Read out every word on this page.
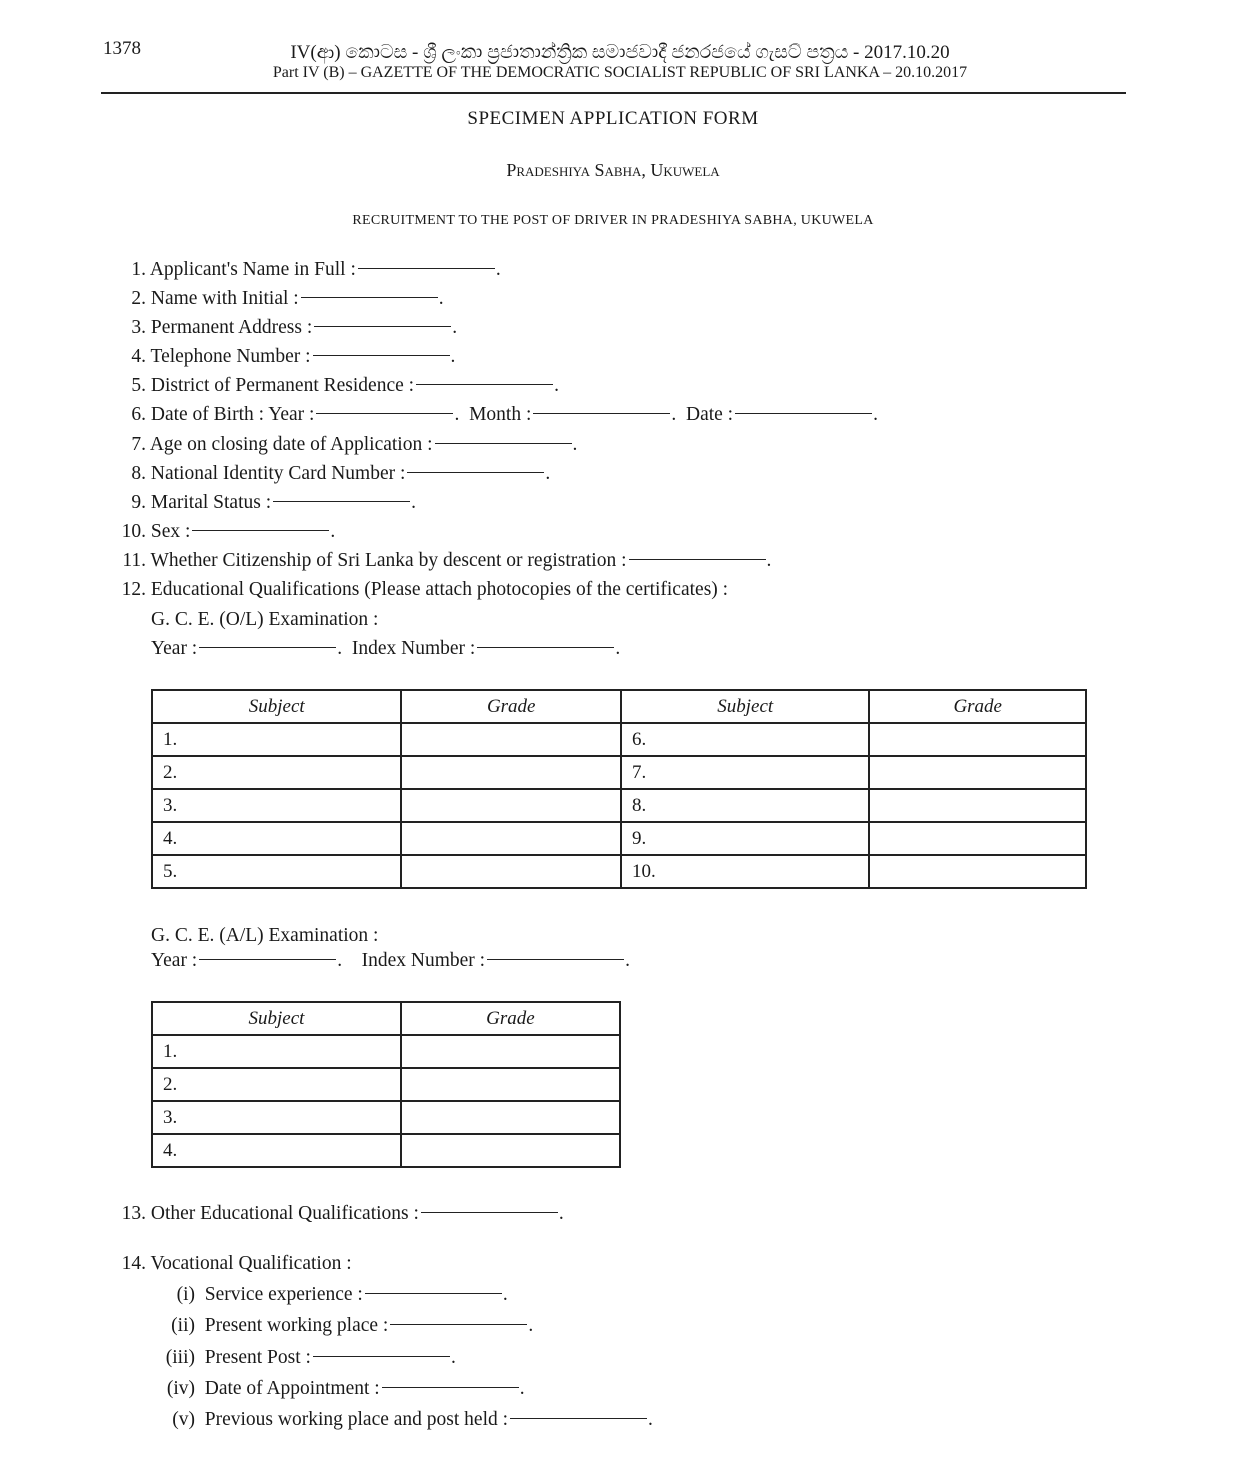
1378	IV(ආ) කොටස - ශ්‍රී ලංකා ප්‍රජාතාන්ත්‍රික සමාජවාදී ජනරජයේ ගැසට් පත්‍රය - 2017.10.20
Part IV (B) – GAZETTE OF THE DEMOCRATIC SOCIALIST REPUBLIC OF SRI LANKA – 20.10.2017
SPECIMEN APPLICATION FORM
Pradeshiya Sabha, Ukuwela
RECRUITMENT TO THE POST OF DRIVER IN PRADESHIYA SABHA, UKUWELA
1. Applicant's Name in Full :	.
2. Name with Initial :	.
3. Permanent Address :	.
4. Telephone Number :	.
5. District of Permanent Residence :	.
6. Date of Birth : Year :	. Month :	. Date :	.
7. Age on closing date of Application :	.
8. National Identity Card Number :	.
9. Marital Status :	.
10. Sex :	.
11. Whether Citizenship of Sri Lanka by descent or registration :	.
12. Educational Qualifications (Please attach photocopies of the certificates) :
G. C. E. (O/L) Examination :
Year :	. Index Number :	.
Subject	Grade	Subject	Grade
1.		6.	
2.		7.	
3.		8.	
4.		9.	
5.		10.	
G. C. E. (A/L) Examination :
Year :	. Index Number :	.
Subject	Grade
1.	
2.	
3.	
4.	
13. Other Educational Qualifications :	.
14. Vocational Qualification :
(i) Service experience :	.
(ii) Present working place :	.
(iii) Present Post :	.
(iv) Date of Appointment :	.
(v) Previous working place and post held :	.
